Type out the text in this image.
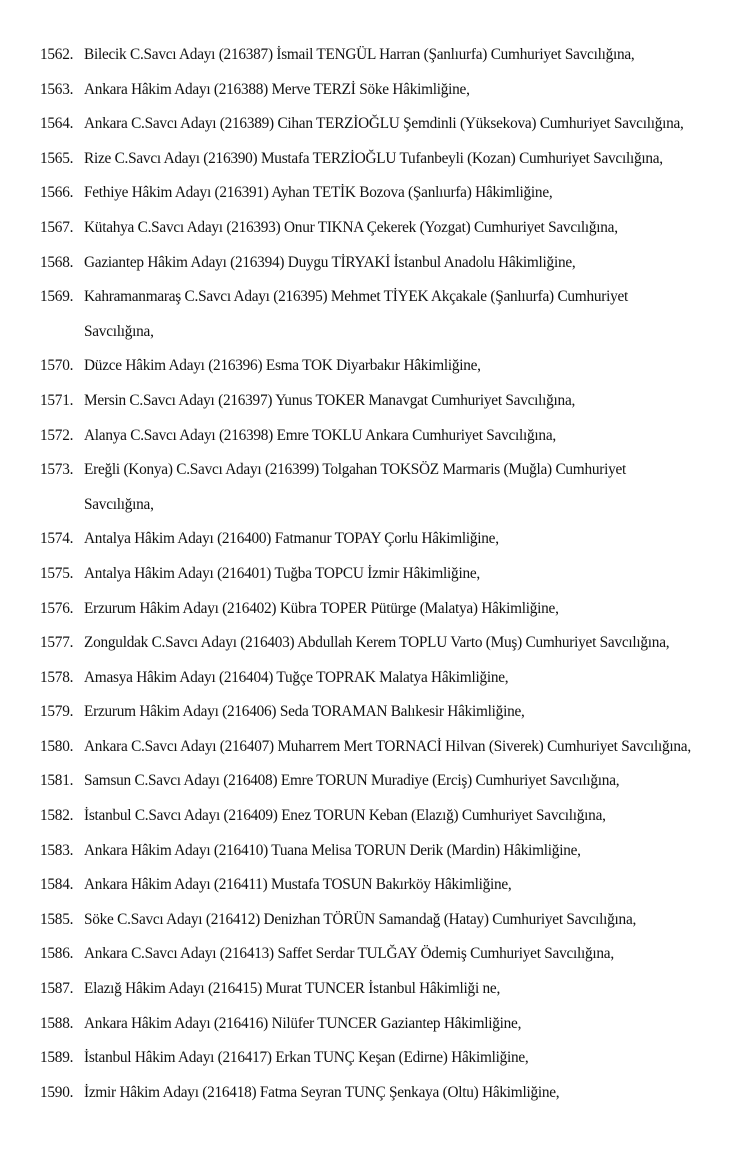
1562. Bilecik C.Savcı Adayı (216387) İsmail TENGÜL Harran (Şanlıurfa) Cumhuriyet Savcılığına,
1563. Ankara Hâkim Adayı (216388) Merve TERZİ Söke Hâkimliğine,
1564. Ankara C.Savcı Adayı (216389) Cihan TERZİOĞLU Şemdinli (Yüksekova) Cumhuriyet Savcılığına,
1565. Rize C.Savcı Adayı (216390) Mustafa TERZİOĞLU Tufanbeyli (Kozan) Cumhuriyet Savcılığına,
1566. Fethiye Hâkim Adayı (216391) Ayhan TETİK Bozova (Şanlıurfa) Hâkimliğine,
1567. Kütahya C.Savcı Adayı (216393) Onur TIKNA Çekerek (Yozgat) Cumhuriyet Savcılığına,
1568. Gaziantep Hâkim Adayı (216394) Duygu TİRYAKİ İstanbul Anadolu Hâkimliğine,
1569. Kahramanmaraş C.Savcı Adayı (216395) Mehmet TİYEK Akçakale (Şanlıurfa) Cumhuriyet
Savcılığına,
1570. Düzce Hâkim Adayı (216396) Esma TOK Diyarbakır Hâkimliğine,
1571. Mersin C.Savcı Adayı (216397) Yunus TOKER Manavgat Cumhuriyet Savcılığına,
1572. Alanya C.Savcı Adayı (216398) Emre TOKLU Ankara Cumhuriyet Savcılığına,
1573. Ereğli (Konya) C.Savcı Adayı (216399) Tolgahan TOKSÖZ Marmaris (Muğla) Cumhuriyet
Savcılığına,
1574. Antalya Hâkim Adayı (216400) Fatmanur TOPAY Çorlu Hâkimliğine,
1575. Antalya Hâkim Adayı (216401) Tuğba TOPCU İzmir Hâkimliğine,
1576. Erzurum Hâkim Adayı (216402) Kübra TOPER Pütürge (Malatya) Hâkimliğine,
1577. Zonguldak C.Savcı Adayı (216403) Abdullah Kerem TOPLU Varto (Muş) Cumhuriyet Savcılığına,
1578. Amasya Hâkim Adayı (216404) Tuğçe TOPRAK Malatya Hâkimliğine,
1579. Erzurum Hâkim Adayı (216406) Seda TORAMAN Balıkesir Hâkimliğine,
1580. Ankara C.Savcı Adayı (216407) Muharrem Mert TORNACİ Hilvan (Siverek) Cumhuriyet Savcılığına,
1581. Samsun C.Savcı Adayı (216408) Emre TORUN Muradiye (Erciş) Cumhuriyet Savcılığına,
1582. İstanbul C.Savcı Adayı (216409) Enez TORUN Keban (Elazığ) Cumhuriyet Savcılığına,
1583. Ankara Hâkim Adayı (216410) Tuana Melisa TORUN Derik (Mardin) Hâkimliğine,
1584. Ankara Hâkim Adayı (216411) Mustafa TOSUN Bakırköy Hâkimliğine,
1585. Söke C.Savcı Adayı (216412) Denizhan TÖRÜN Samandağ (Hatay) Cumhuriyet Savcılığına,
1586. Ankara C.Savcı Adayı (216413) Saffet Serdar TULĞAY Ödemiş Cumhuriyet Savcılığına,
1587. Elazığ Hâkim Adayı (216415) Murat TUNCER İstanbul Hâkimliği ne,
1588. Ankara Hâkim Adayı (216416) Nilüfer TUNCER Gaziantep Hâkimliğine,
1589. İstanbul Hâkim Adayı (216417) Erkan TUNÇ Keşan (Edirne) Hâkimliğine,
1590. İzmir Hâkim Adayı (216418) Fatma Seyran TUNÇ Şenkaya (Oltu) Hâkimliğine,
